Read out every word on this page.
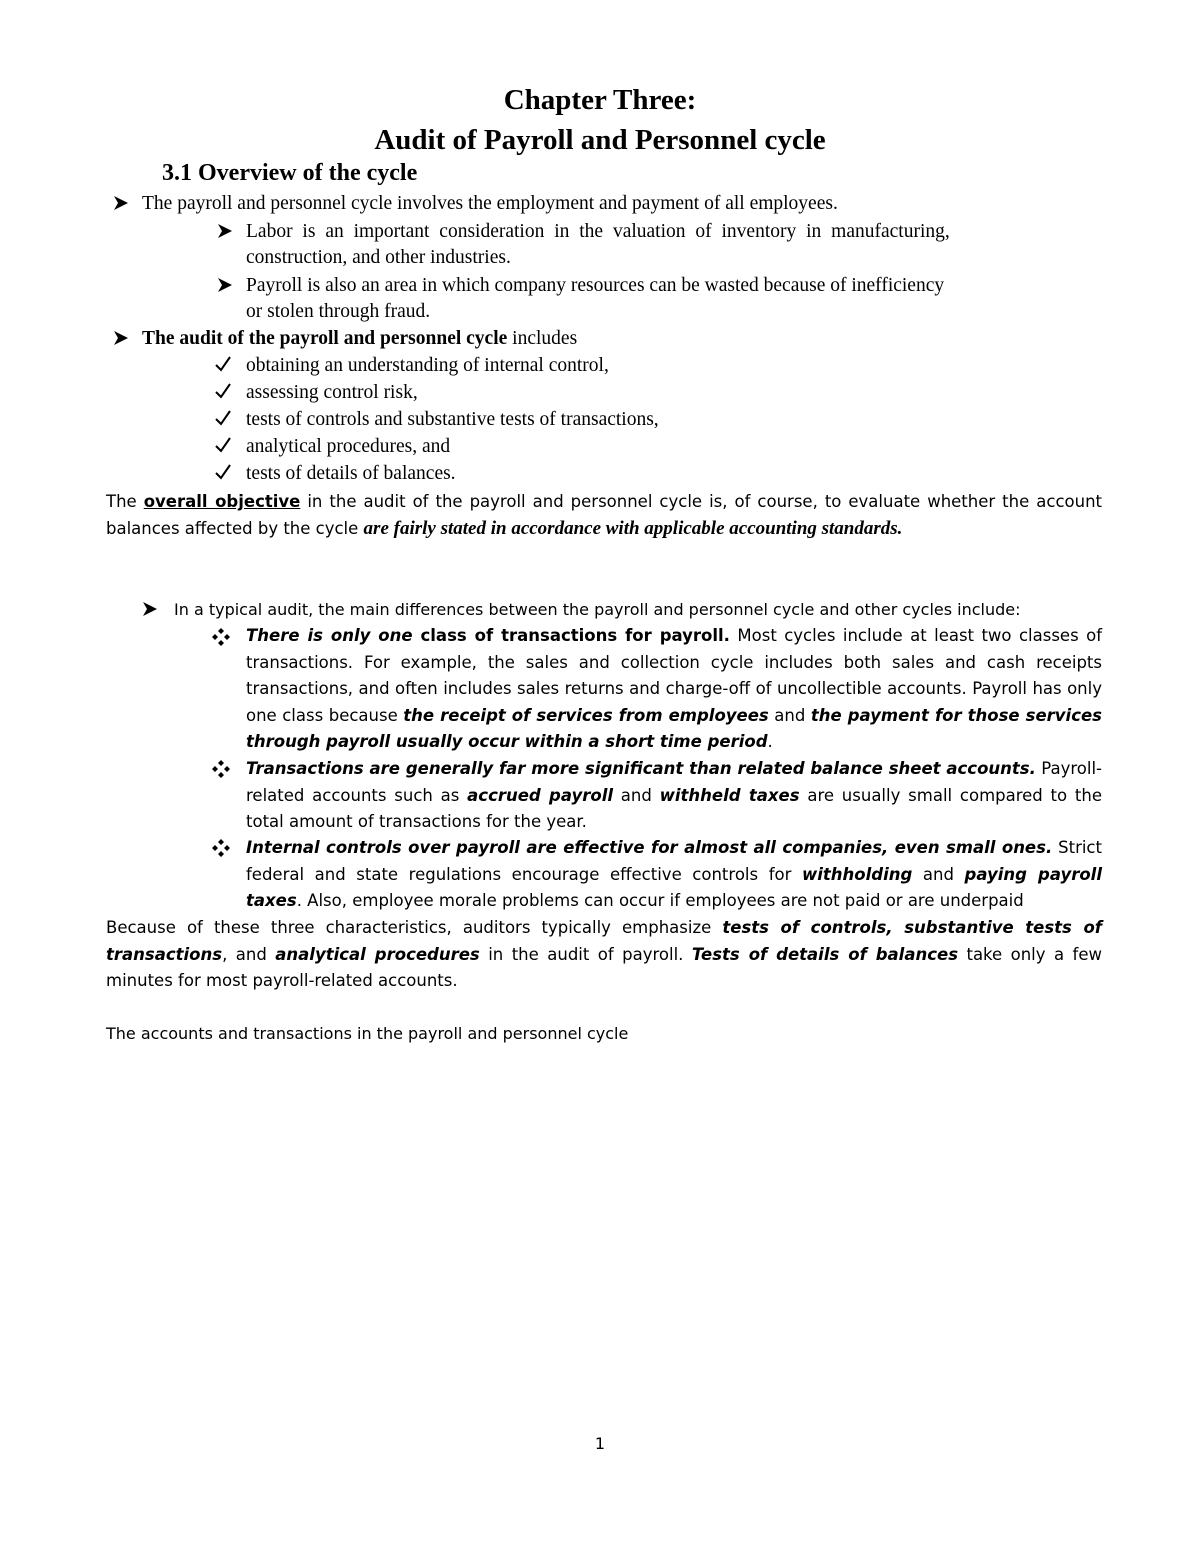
Chapter Three:
Audit of Payroll and Personnel cycle
3.1 Overview of the cycle
The payroll and personnel cycle involves the employment and payment of all employees.
Labor is an important consideration in the valuation of inventory in manufacturing,
construction, and other industries.
Payroll is also an area in which company resources can be wasted because of inefficiency
or stolen through fraud.
The audit of the payroll and personnel cycle includes
obtaining an understanding of internal control,
assessing control risk,
tests of controls and substantive tests of transactions,
analytical procedures, and
tests of details of balances.
The overall objective in the audit of the payroll and personnel cycle is, of course, to evaluate whether the account balances affected by the cycle are fairly stated in accordance with applicable accounting standards.
In a typical audit, the main differences between the payroll and personnel cycle and other cycles include:
There is only one class of transactions for payroll. Most cycles include at least two classes of transactions. For example, the sales and collection cycle includes both sales and cash receipts transactions, and often includes sales returns and charge-off of uncollectible accounts. Payroll has only one class because the receipt of services from employees and the payment for those services through payroll usually occur within a short time period.
Transactions are generally far more significant than related balance sheet accounts. Payroll-related accounts such as accrued payroll and withheld taxes are usually small compared to the total amount of transactions for the year.
Internal controls over payroll are effective for almost all companies, even small ones. Strict federal and state regulations encourage effective controls for withholding and paying payroll taxes. Also, employee morale problems can occur if employees are not paid or are underpaid
Because of these three characteristics, auditors typically emphasize tests of controls, substantive tests of transactions, and analytical procedures in the audit of payroll. Tests of details of balances take only a few minutes for most payroll-related accounts.
The accounts and transactions in the payroll and personnel cycle
1
